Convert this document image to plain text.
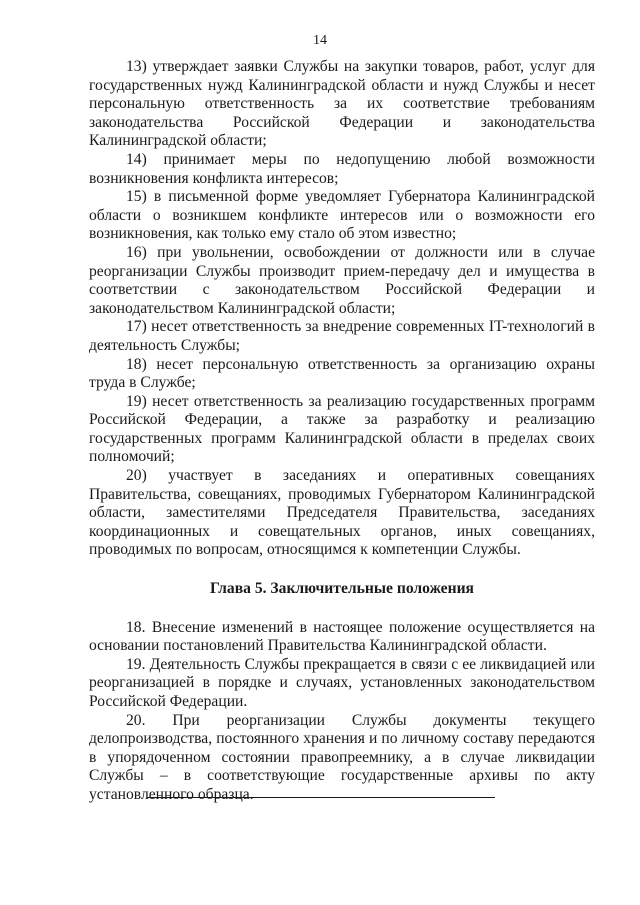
14

13) утверждает заявки Службы на закупки товаров, работ, услуг для государственных нужд Калининградской области и нужд Службы и несет персональную ответственность за их соответствие требованиям законодательства Российской Федерации и законодательства Калининградской области;

14) принимает меры по недопущению любой возможности возникновения конфликта интересов;

15) в письменной форме уведомляет Губернатора Калининградской области о возникшем конфликте интересов или о возможности его возникновения, как только ему стало об этом известно;

16) при увольнении, освобождении от должности или в случае реорганизации Службы производит прием-передачу дел и имущества в соответствии с законодательством Российской Федерации и законодательством Калининградской области;

17) несет ответственность за внедрение современных IT-технологий в деятельность Службы;

18) несет персональную ответственность за организацию охраны труда в Службе;

19) несет ответственность за реализацию государственных программ Российской Федерации, а также за разработку и реализацию государственных программ Калининградской области в пределах своих полномочий;

20) участвует в заседаниях и оперативных совещаниях Правительства, совещаниях, проводимых Губернатором Калининградской области, заместителями Председателя Правительства, заседаниях координационных и совещательных органов, иных совещаниях, проводимых по вопросам, относящимся к компетенции Службы.

Глава 5. Заключительные положения

18. Внесение изменений в настоящее положение осуществляется на основании постановлений Правительства Калининградской области.

19. Деятельность Службы прекращается в связи с ее ликвидацией или реорганизацией в порядке и случаях, установленных законодательством Российской Федерации.

20. При реорганизации Службы документы текущего делопроизводства, постоянного хранения и по личному составу передаются в упорядоченном состоянии правопреемнику, а в случае ликвидации Службы – в соответствующие государственные архивы по акту установленного образца.
